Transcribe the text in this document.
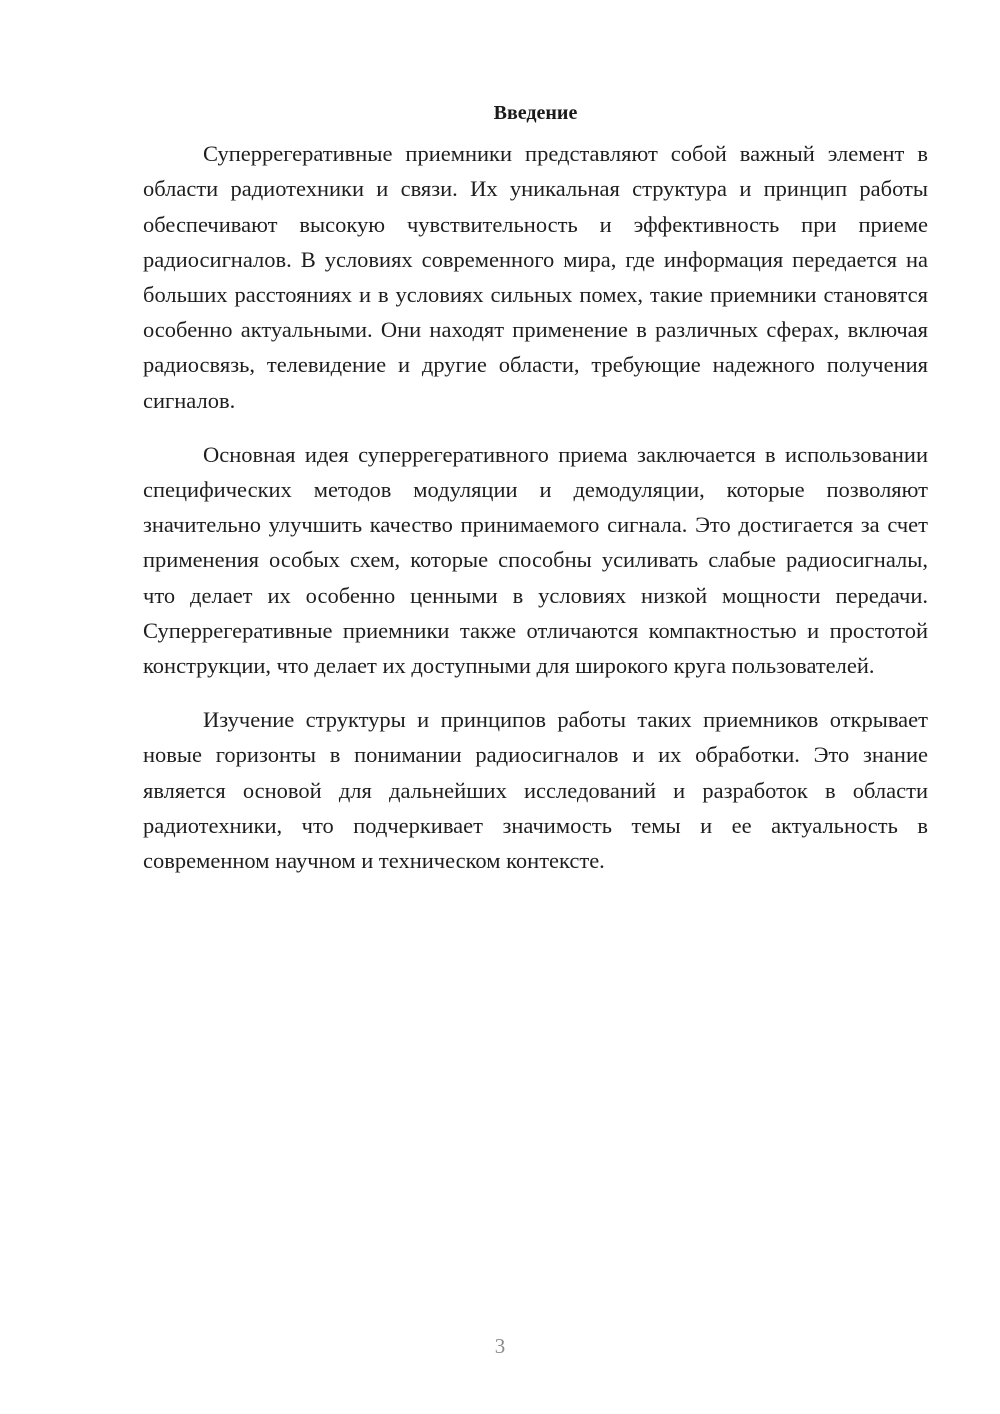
Введение

Суперрегеративные приемники представляют собой важный элемент в области радиотехники и связи. Их уникальная структура и принцип работы обеспечивают высокую чувствительность и эффективность при приеме радиосигналов. В условиях современного мира, где информация передается на больших расстояниях и в условиях сильных помех, такие приемники становятся особенно актуальными. Они находят применение в различных сферах, включая радиосвязь, телевидение и другие области, требующие надежного получения сигналов.

Основная идея суперрегеративного приема заключается в использовании специфических методов модуляции и демодуляции, которые позволяют значительно улучшить качество принимаемого сигнала. Это достигается за счет применения особых схем, которые способны усиливать слабые радиосигналы, что делает их особенно ценными в условиях низкой мощности передачи. Суперрегеративные приемники также отличаются компактностью и простотой конструкции, что делает их доступными для широкого круга пользователей.

Изучение структуры и принципов работы таких приемников открывает новые горизонты в понимании радиосигналов и их обработки. Это знание является основой для дальнейших исследований и разработок в области радиотехники, что подчеркивает значимость темы и ее актуальность в современном научном и техническом контексте.

3
